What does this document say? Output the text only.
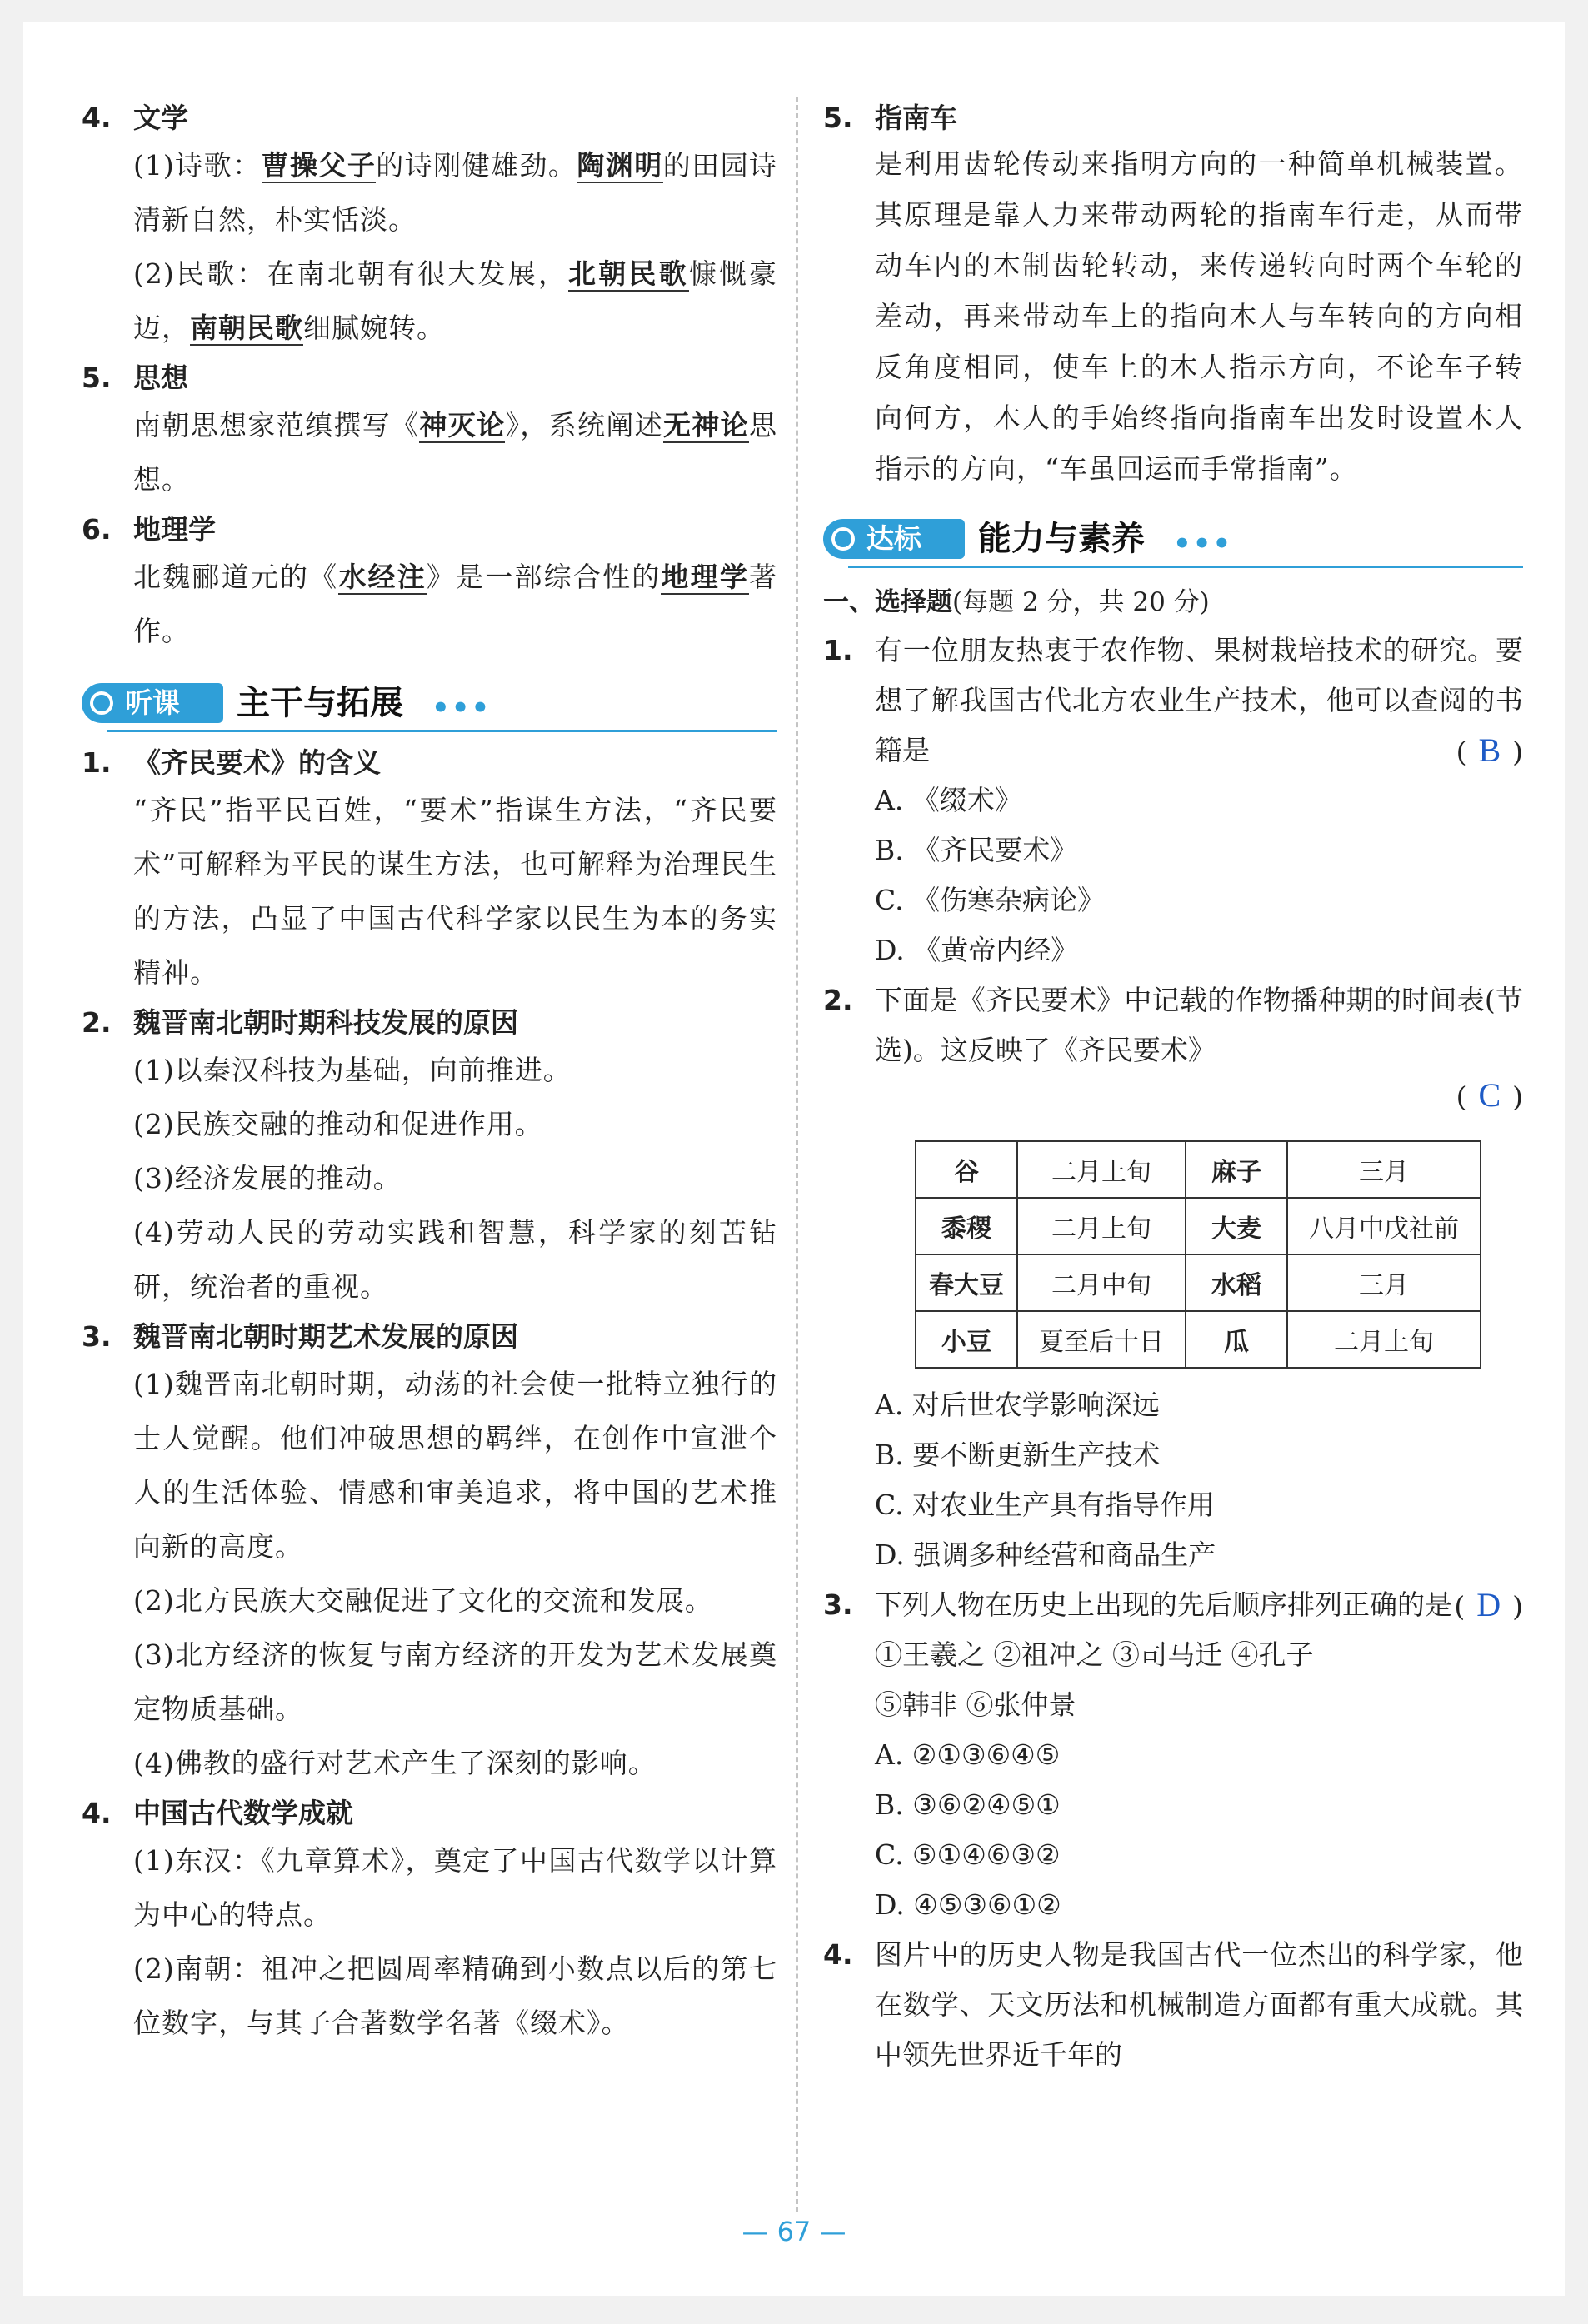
4. 文学
(1)诗歌：曹操父子的诗刚健雄劲。陶渊明的田园诗清新自然，朴实恬淡。
(2)民歌：在南北朝有很大发展，北朝民歌慷慨豪迈，南朝民歌细腻婉转。
5. 思想
南朝思想家范缜撰写《神灭论》，系统阐述无神论思想。
6. 地理学
北魏郦道元的《水经注》是一部综合性的地理学著作。
听课 主干与拓展 •••
1. 《齐民要术》的含义
“齐民”指平民百姓，“要术”指谋生方法，“齐民要术”可解释为平民的谋生方法，也可解释为治理民生的方法，凸显了中国古代科学家以民生为本的务实精神。
2. 魏晋南北朝时期科技发展的原因
(1)以秦汉科技为基础，向前推进。
(2)民族交融的推动和促进作用。
(3)经济发展的推动。
(4)劳动人民的劳动实践和智慧，科学家的刻苦钻研，统治者的重视。
3. 魏晋南北朝时期艺术发展的原因
(1)魏晋南北朝时期，动荡的社会使一批特立独行的士人觉醒。他们冲破思想的羁绊，在创作中宣泄个人的生活体验、情感和审美追求，将中国的艺术推向新的高度。
(2)北方民族大交融促进了文化的交流和发展。
(3)北方经济的恢复与南方经济的开发为艺术发展奠定物质基础。
(4)佛教的盛行对艺术产生了深刻的影响。
4. 中国古代数学成就
(1)东汉：《九章算术》，奠定了中国古代数学以计算为中心的特点。
(2)南朝：祖冲之把圆周率精确到小数点以后的第七位数字，与其子合著数学名著《缀术》。
5. 指南车
是利用齿轮传动来指明方向的一种简单机械装置。其原理是靠人力来带动两轮的指南车行走，从而带动车内的木制齿轮转动，来传递转向时两个车轮的差动，再来带动车上的指向木人与车转向的方向相反角度相同，使车上的木人指示方向，不论车子转向何方，木人的手始终指向指南车出发时设置木人指示的方向，“车虽回运而手常指南”。
达标 能力与素养 •••
一、选择题(每题 2 分，共 20 分)
1. 有一位朋友热衷于农作物、果树栽培技术的研究。要想了解我国古代北方农业生产技术，他可以查阅的书籍是	( B )
A. 《缀术》
B. 《齐民要术》
C. 《伤寒杂病论》
D. 《黄帝内经》
2. 下面是《齐民要术》中记载的作物播种期的时间表(节选)。这反映了《齐民要术》
( C )
谷	二月上旬	麻子	三月
黍稷	二月上旬	大麦	八月中戊社前
春大豆	二月中旬	水稻	三月
小豆	夏至后十日	瓜	二月上旬
A. 对后世农学影响深远
B. 要不断更新生产技术
C. 对农业生产具有指导作用
D. 强调多种经营和商品生产
3. 下列人物在历史上出现的先后顺序排列正确的是 ( D )
①王羲之 ②祖冲之 ③司马迁 ④孔子
⑤韩非 ⑥张仲景
A. ②①③⑥④⑤
B. ③⑥②④⑤①
C. ⑤①④⑥③②
D. ④⑤③⑥①②
4. 图片中的历史人物是我国古代一位杰出的科学家，他在数学、天文历法和机械制造方面都有重大成就。其中领先世界近千年的
— 67 —
